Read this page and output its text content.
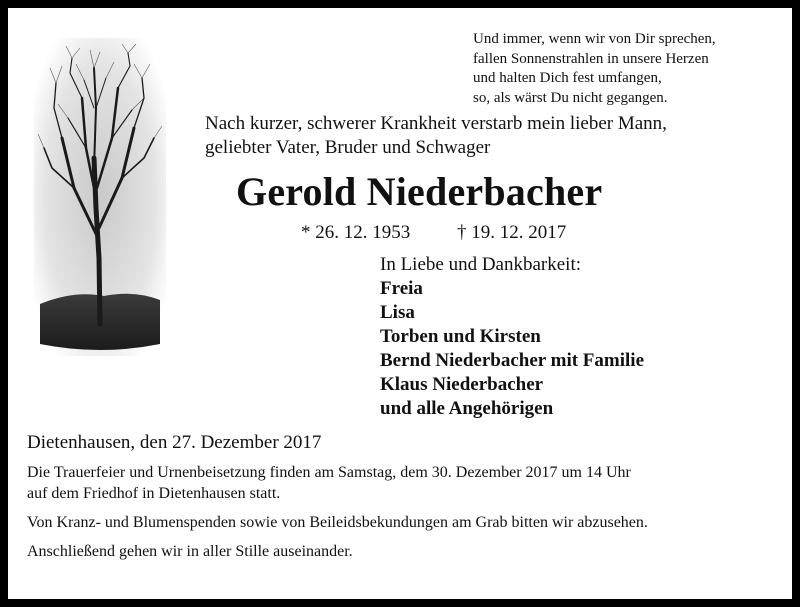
Und immer, wenn wir von Dir sprechen,
fallen Sonnenstrahlen in unsere Herzen
und halten Dich fest umfangen,
so, als wärst Du nicht gegangen.
Nach kurzer, schwerer Krankheit verstarb mein lieber Mann,
geliebter Vater, Bruder und Schwager
Gerold Niederbacher
* 26. 12. 1953 † 19. 12. 2017
In Liebe und Dankbarkeit:
Freia
Lisa
Torben und Kirsten
Bernd Niederbacher mit Familie
Klaus Niederbacher
und alle Angehörigen
Dietenhausen, den 27. Dezember 2017

Die Trauerfeier und Urnenbeisetzung finden am Samstag, dem 30. Dezember 2017 um 14 Uhr
auf dem Friedhof in Dietenhausen statt.

Von Kranz- und Blumenspenden sowie von Beileidsbekundungen am Grab bitten wir abzusehen.

Anschließend gehen wir in aller Stille auseinander.
